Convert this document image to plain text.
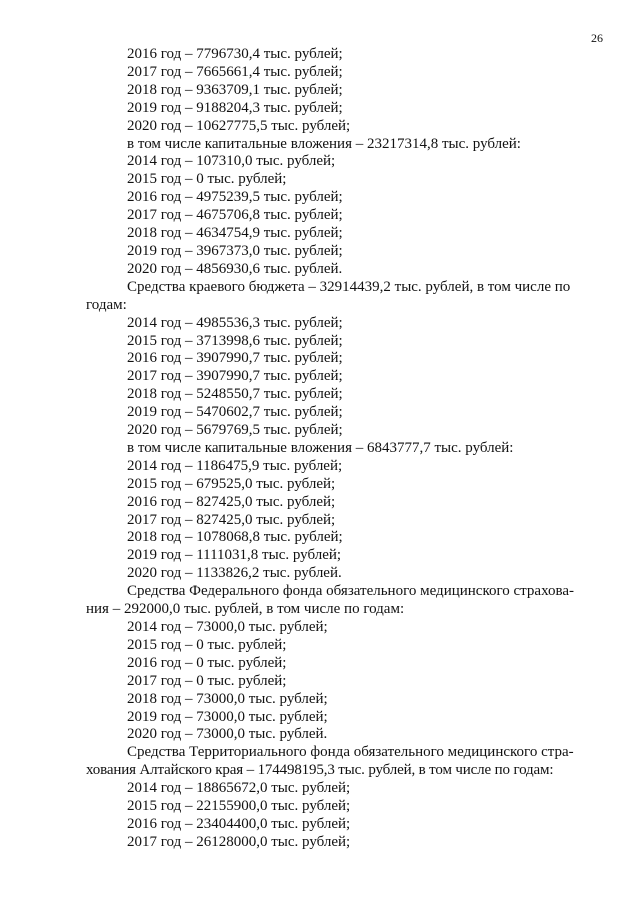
26
2016 год – 7796730,4 тыс. рублей;
2017 год – 7665661,4 тыс. рублей;
2018 год – 9363709,1 тыс. рублей;
2019 год – 9188204,3 тыс. рублей;
2020 год – 10627775,5 тыс. рублей;
в том числе капитальные вложения – 23217314,8 тыс. рублей:
2014 год – 107310,0 тыс. рублей;
2015 год – 0 тыс. рублей;
2016 год – 4975239,5 тыс. рублей;
2017 год – 4675706,8 тыс. рублей;
2018 год – 4634754,9 тыс. рублей;
2019 год – 3967373,0 тыс. рублей;
2020 год – 4856930,6 тыс. рублей.
Средства краевого бюджета – 32914439,2 тыс. рублей, в том числе по
годам:
2014 год – 4985536,3 тыс. рублей;
2015 год – 3713998,6 тыс. рублей;
2016 год – 3907990,7 тыс. рублей;
2017 год – 3907990,7 тыс. рублей;
2018 год – 5248550,7 тыс. рублей;
2019 год – 5470602,7 тыс. рублей;
2020 год – 5679769,5 тыс. рублей;
в том числе капитальные вложения – 6843777,7 тыс. рублей:
2014 год – 1186475,9 тыс. рублей;
2015 год – 679525,0 тыс. рублей;
2016 год – 827425,0 тыс. рублей;
2017 год – 827425,0 тыс. рублей;
2018 год – 1078068,8 тыс. рублей;
2019 год – 1111031,8 тыс. рублей;
2020 год – 1133826,2 тыс. рублей.
Средства Федерального фонда обязательного медицинского страхова-
ния – 292000,0 тыс. рублей, в том числе по годам:
2014 год – 73000,0 тыс. рублей;
2015 год – 0 тыс. рублей;
2016 год – 0 тыс. рублей;
2017 год – 0 тыс. рублей;
2018 год – 73000,0 тыс. рублей;
2019 год – 73000,0 тыс. рублей;
2020 год – 73000,0 тыс. рублей.
Средства Территориального фонда обязательного медицинского стра-
хования Алтайского края – 174498195,3 тыс. рублей, в том числе по годам:
2014 год – 18865672,0 тыс. рублей;
2015 год – 22155900,0 тыс. рублей;
2016 год – 23404400,0 тыс. рублей;
2017 год – 26128000,0 тыс. рублей;
